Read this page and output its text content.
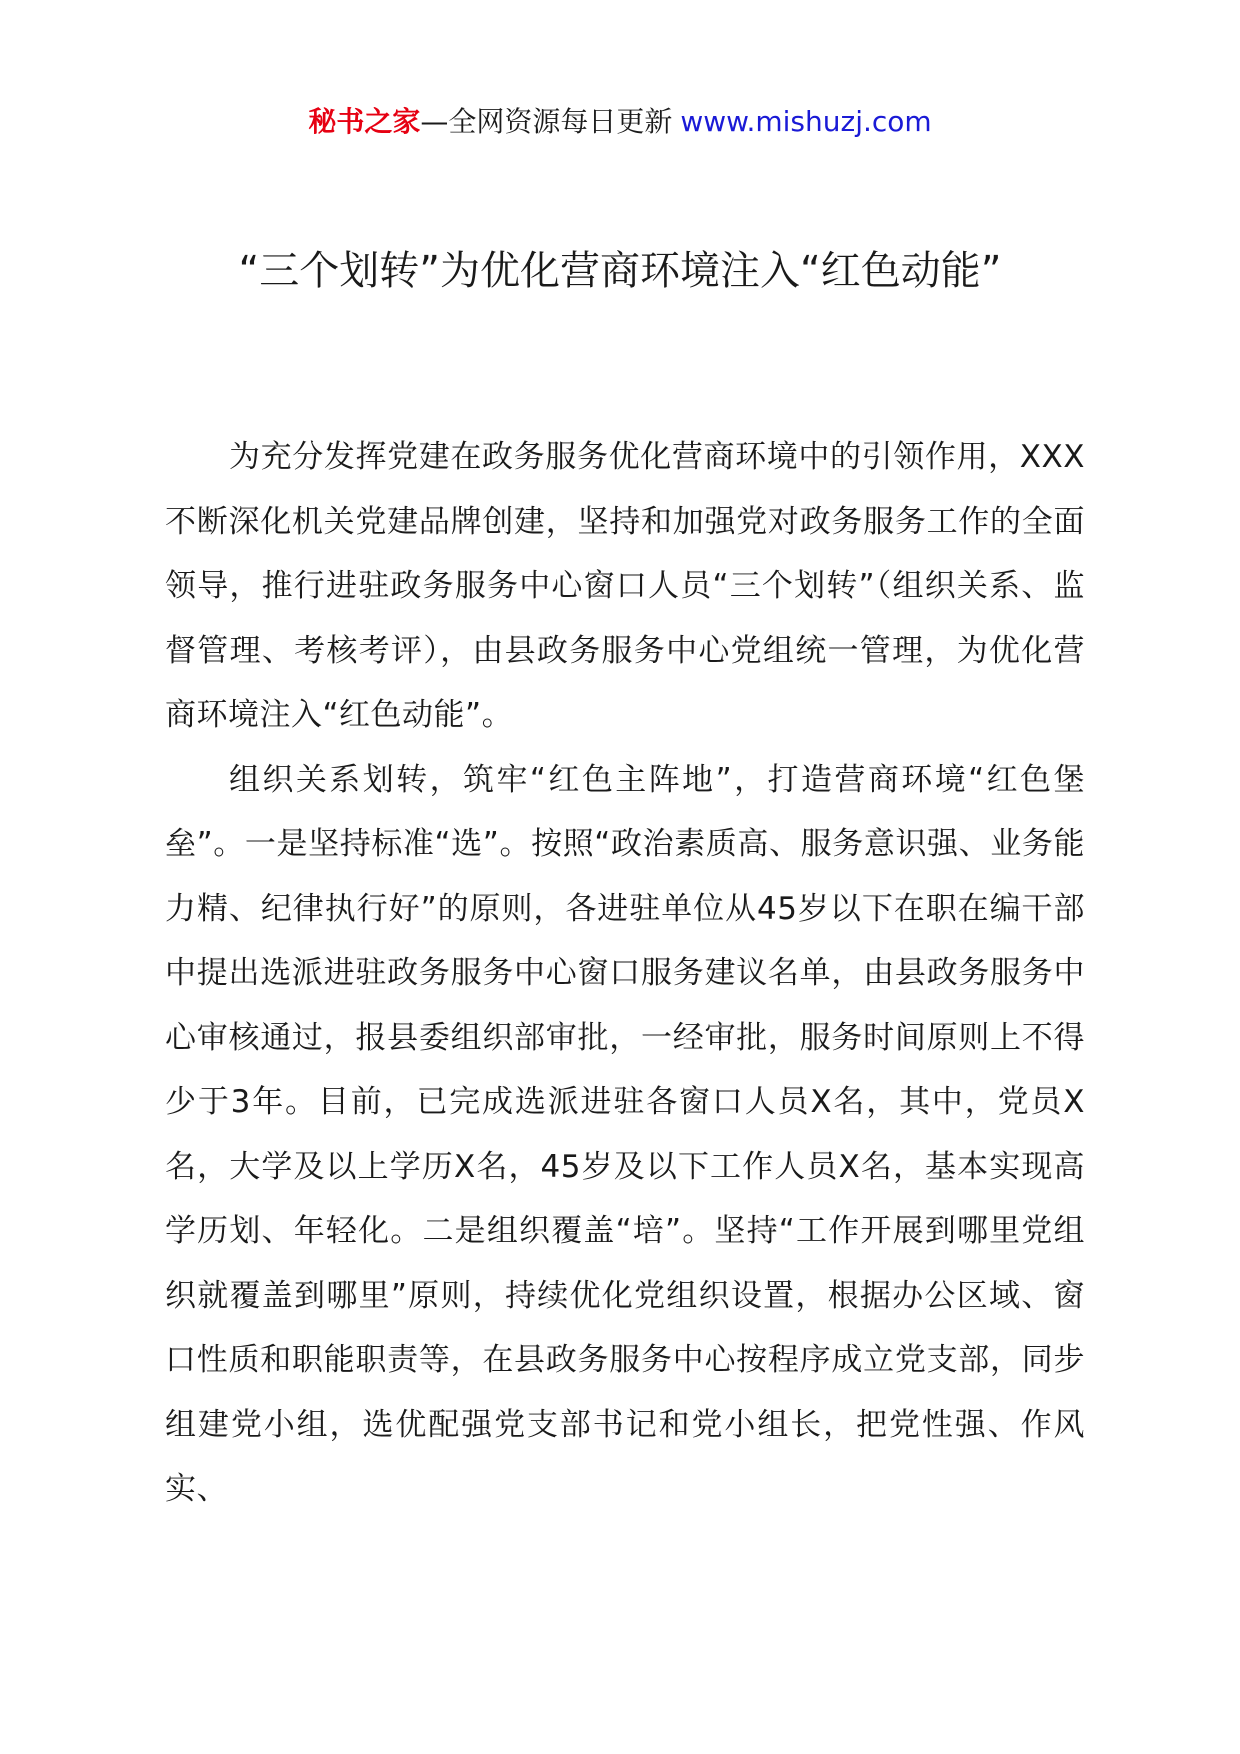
秘书之家—全网资源每日更新 www.mishuzj.com
“三个划转”为优化营商环境注入“红色动能”

为充分发挥党建在政务服务优化营商环境中的引领作用，XXX不断深化机关党建品牌创建，坚持和加强党对政务服务工作的全面领导，推行进驻政务服务中心窗口人员“三个划转”（组织关系、监督管理、考核考评），由县政务服务中心党组统一管理，为优化营商环境注入“红色动能”。

组织关系划转，筑牢“红色主阵地”，打造营商环境“红色堡垒”。一是坚持标准“选”。按照“政治素质高、服务意识强、业务能力精、纪律执行好”的原则，各进驻单位从45岁以下在职在编干部中提出选派进驻政务服务中心窗口服务建议名单，由县政务服务中心审核通过，报县委组织部审批，一经审批，服务时间原则上不得少于3年。目前，已完成选派进驻各窗口人员X名，其中，党员X名，大学及以上学历X名，45岁及以下工作人员X名，基本实现高学历划、年轻化。二是组织覆盖“培”。坚持“工作开展到哪里党组织就覆盖到哪里”原则，持续优化党组织设置，根据办公区域、窗口性质和职能职责等，在县政务服务中心按程序成立党支部，同步组建党小组，选优配强党支部书记和党小组长，把党性强、作风实、
